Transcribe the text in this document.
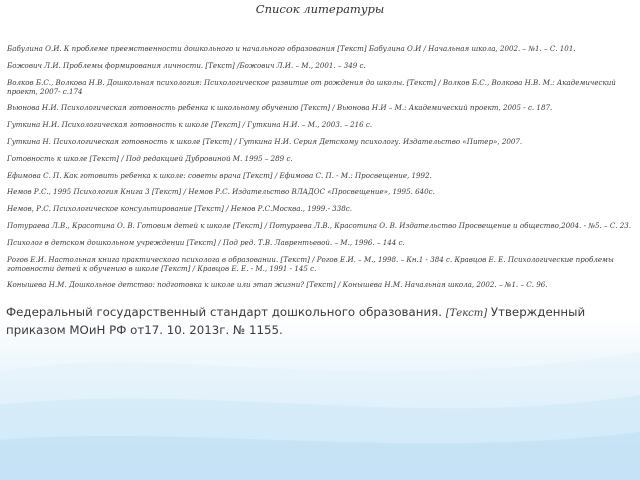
Список литературы
Бабулина О.И. К проблеме преемственности дошкольного и начального образования [Текст] Бабулина О.И / Начальная школа, 2002. – №1. – С. 101.
Божович Л.И. Проблемы формирования личности. [Текст] /Божович Л.И. – М., 2001. – 349 с.
Волков Б.С., Волкова Н.В. Дошкольная психология: Психологическое развитие от рождения до школы. [Текст] / Волков Б.С., Волкова Н.В. М.: Академический проект, 2007- с.174
Вьюнова Н.И. Психологическая готовность ребенка к школьному обучению [Текст] / Вьюнова Н.И – М.: Академический проект, 2005 - с. 187.
Гуткина Н.И. Психологическая готовность к школе [Текст] / Гуткина Н.И. – М., 2003. – 216 с.
Гуткина Н. Психологическая готовность к школе [Текст] / Гуткина Н.И. Серия Детскому психологу. Издательство «Питер», 2007.
Готовность к школе [Текст] / Под редакцией Дубровиной М. 1995 – 289 с.
Ефимова С. П. Как готовить ребенка к школе: советы врача [Текст] / Ефимова С. П. - М.: Просвещение, 1992.
Немов Р.С., 1995 Психология Книга 3 [Текст] / Немов Р.С. Издательство ВЛАДОС «Просвещение», 1995. 640с.
Немов, Р.С. Психологическое консультирование [Текст] / Немов Р.С.Москва., 1999.- 338с.
Потураева Л.В., Красотина О. В. Готовим детей к школе [Текст] / Потураева Л.В., Красотина О. В. Издательство Просвещение и общество,2004. - №5. – С. 23.
Психолог в детском дошкольном учреждении [Текст] / Под ред. Т.В. Лаврентьевой. – М., 1996. – 144 с.
Рогов Е.И. Настольная книга практического психолога в образовании. [Текст] / Рогов Е.И. – М., 1998. – Кн.1 - 384 с. Кравцов Е. Е. Психологические проблемы готовности детей к обучению в школе [Текст] / Кравцов Е. Е. - М., 1991 - 145 с.
Конышева Н.М. Дошкольное детство: подготовка к школе или этап жизни? [Текст] / Конышева Н.М. Начальная школа, 2002. – №1. – С. 96.
Федеральный государственный стандарт дошкольного образования. [Текст] Утвержденный приказом МОиН РФ от17. 10. 2013г. № 1155.
